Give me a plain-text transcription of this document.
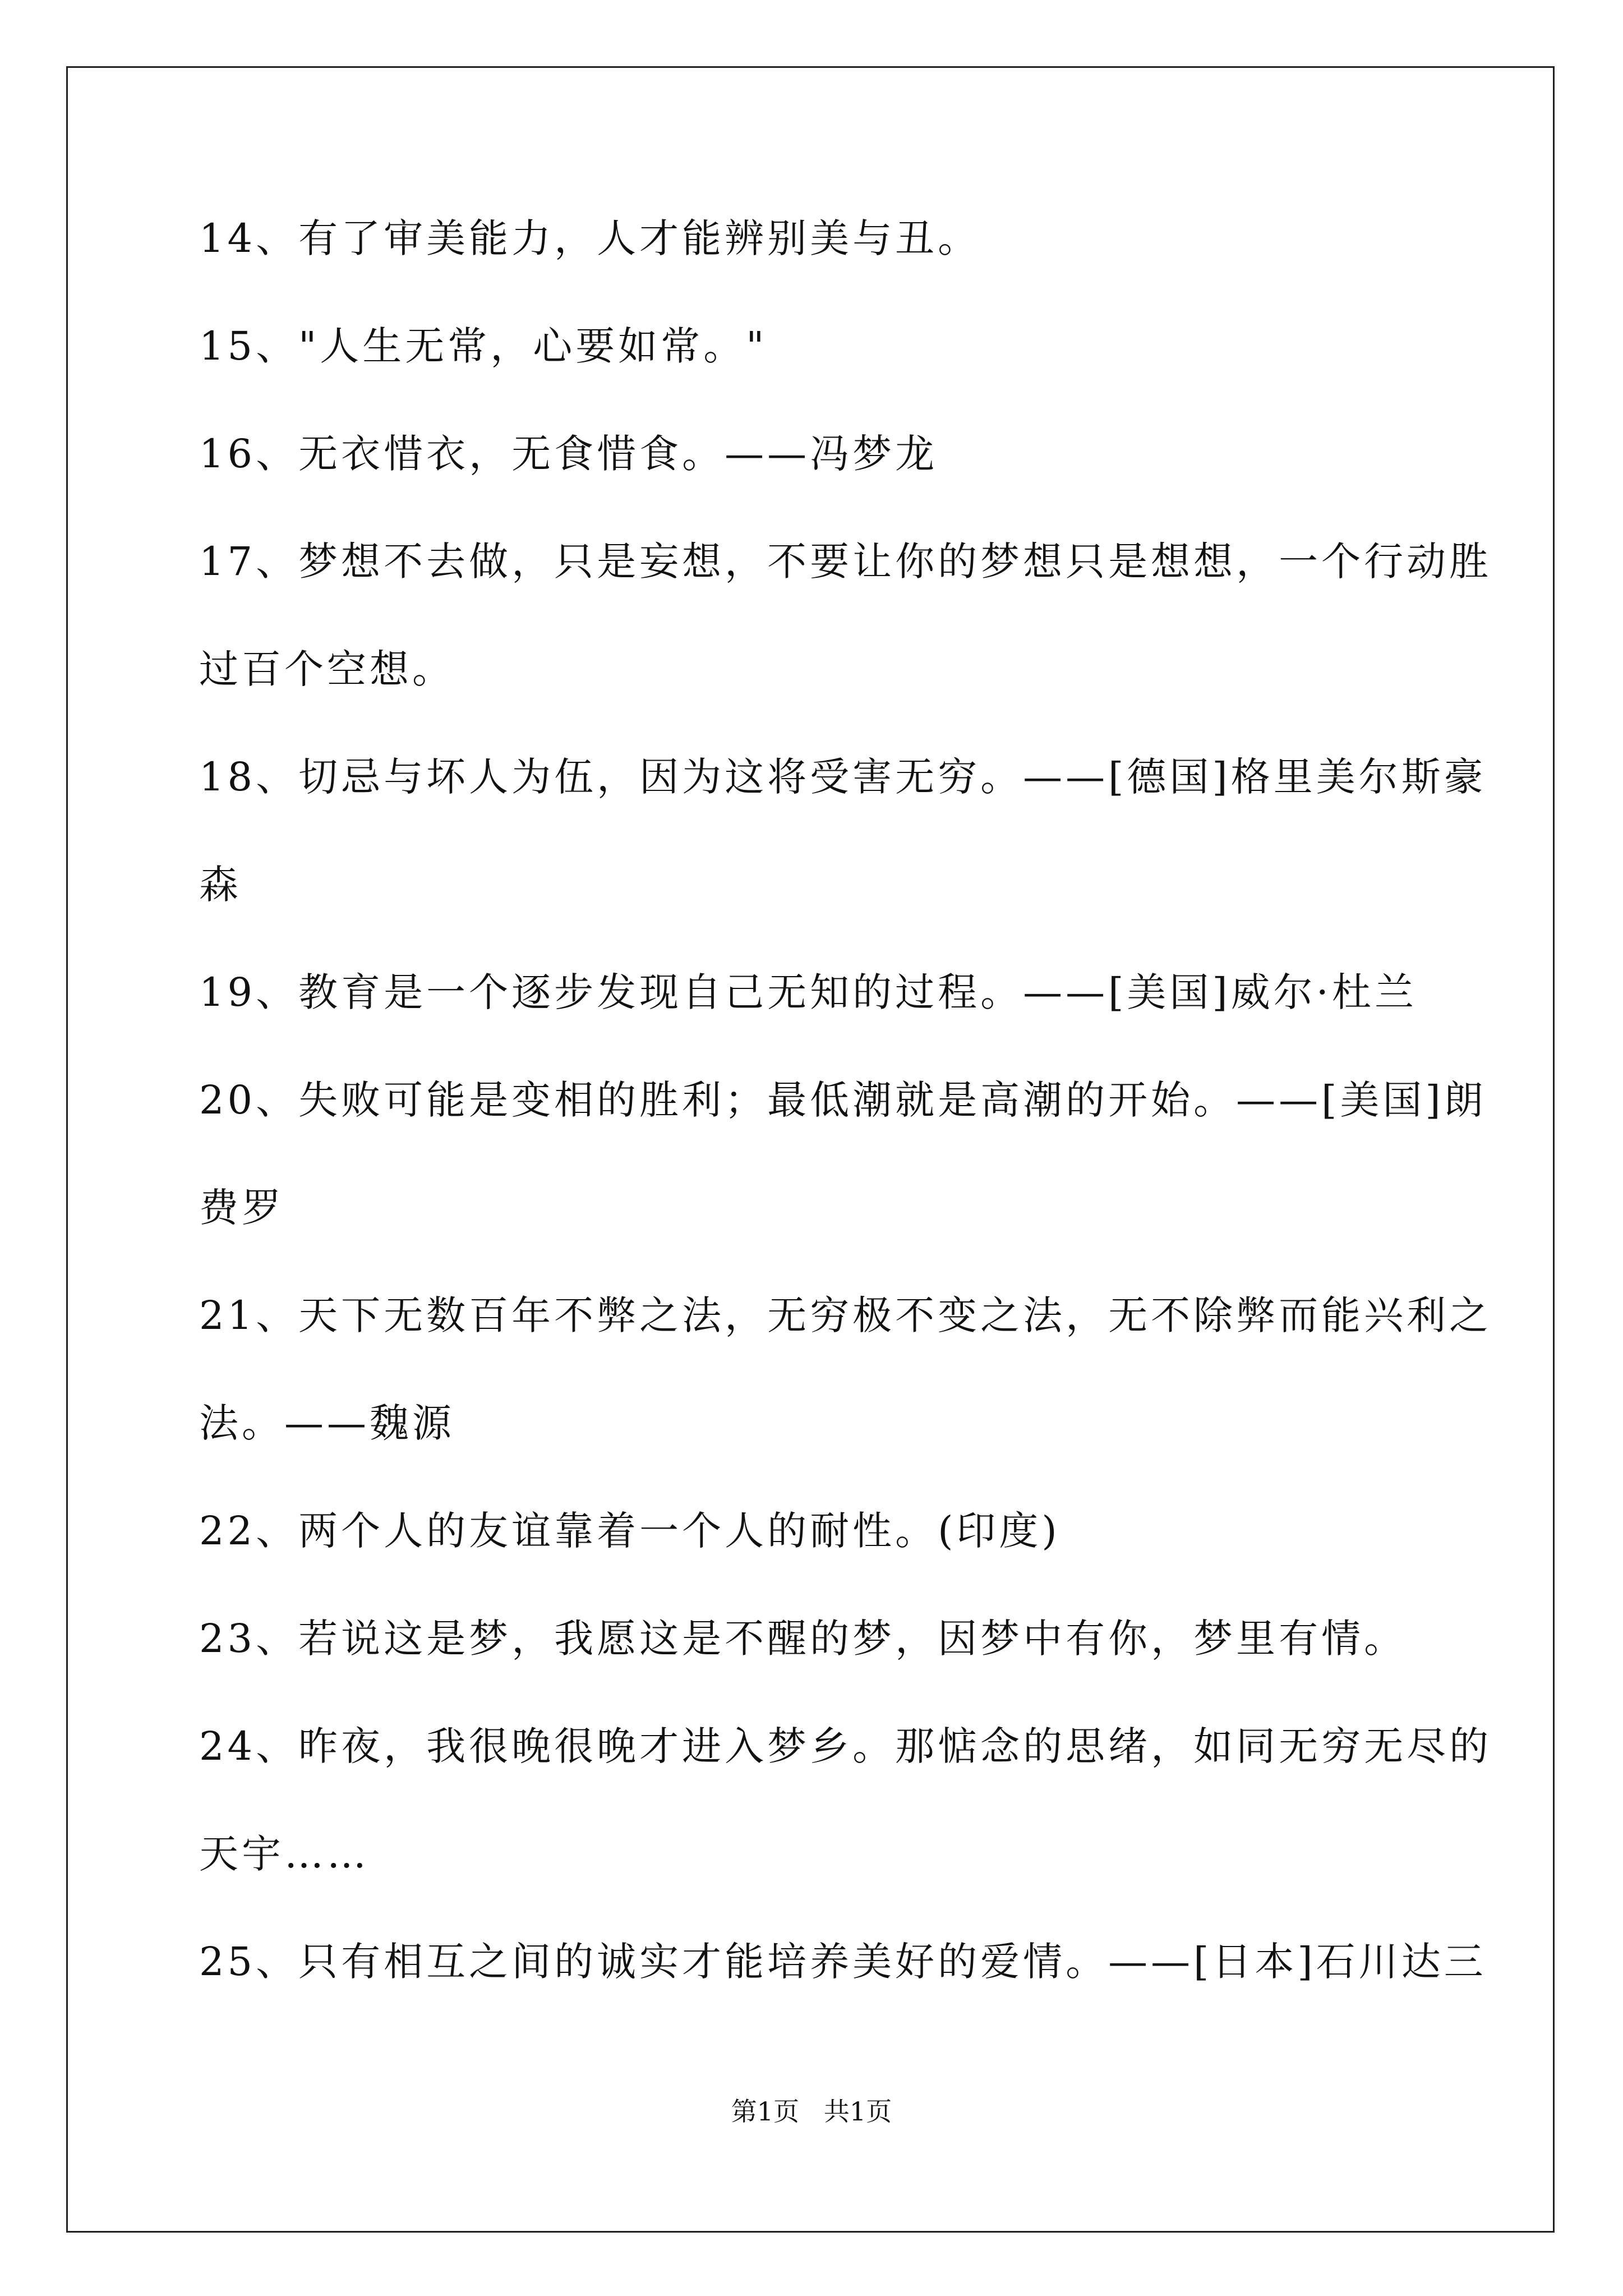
14、有了审美能力，人才能辨别美与丑。
15、"人生无常，心要如常。"
16、无衣惜衣，无食惜食。——冯梦龙
17、梦想不去做，只是妄想，不要让你的梦想只是想想，一个行动胜
过百个空想。
18、切忌与坏人为伍，因为这将受害无穷。——[德国]格里美尔斯豪
森
19、教育是一个逐步发现自己无知的过程。——[美国]威尔·杜兰
20、失败可能是变相的胜利；最低潮就是高潮的开始。——[美国]朗
费罗
21、天下无数百年不弊之法，无穷极不变之法，无不除弊而能兴利之
法。——魏源
22、两个人的友谊靠着一个人的耐性。(印度)
23、若说这是梦，我愿这是不醒的梦，因梦中有你，梦里有情。
24、昨夜，我很晚很晚才进入梦乡。那惦念的思绪，如同无穷无尽的
天宇……
25、只有相互之间的诚实才能培养美好的爱情。——[日本]石川达三
第1页   共1页
